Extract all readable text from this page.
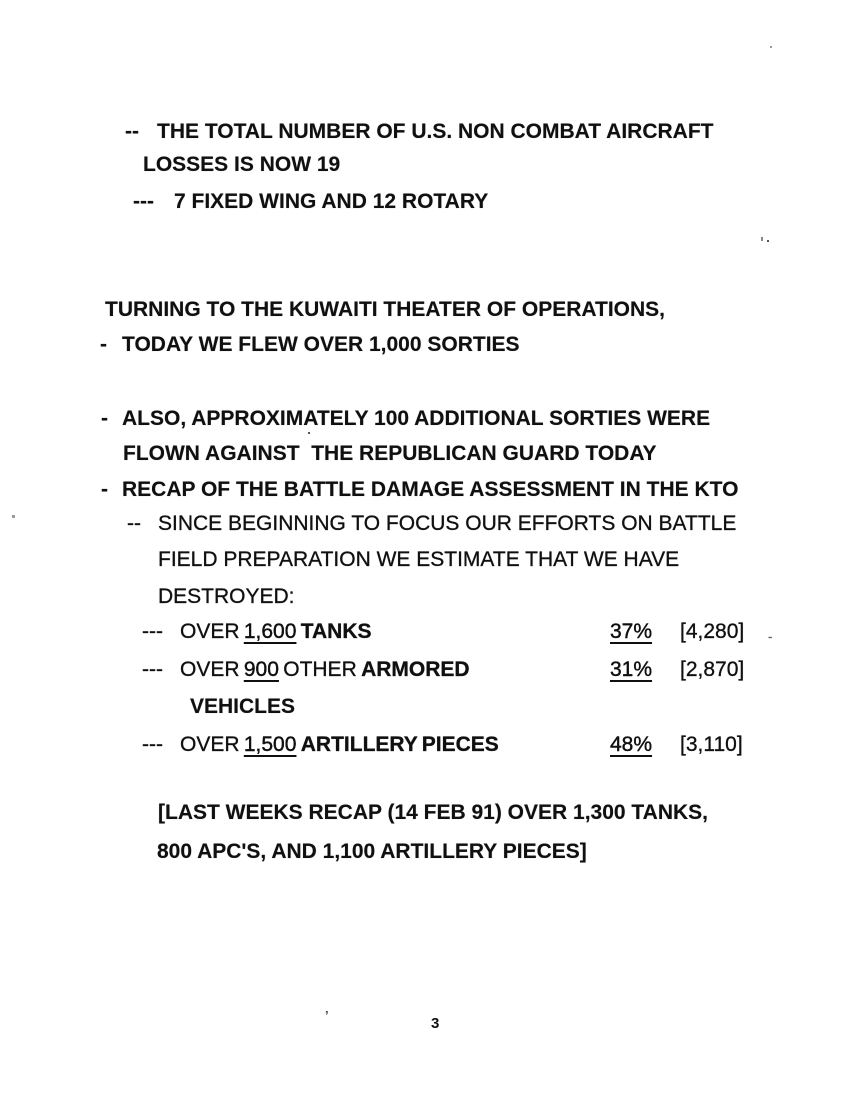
-- THE TOTAL NUMBER OF U.S. NON COMBAT AIRCRAFT
LOSSES IS NOW 19
--- 7 FIXED WING AND 12 ROTARY
TURNING TO THE KUWAITI THEATER OF OPERATIONS,
- TODAY WE FLEW OVER 1,000 SORTIES
- ALSO, APPROXIMATELY 100 ADDITIONAL SORTIES WERE
FLOWN AGAINST  THE REPUBLICAN GUARD TODAY
- RECAP OF THE BATTLE DAMAGE ASSESSMENT IN THE KTO
-- SINCE BEGINNING TO FOCUS OUR EFFORTS ON BATTLE
FIELD PREPARATION WE ESTIMATE THAT WE HAVE
DESTROYED:
--- OVER 1,600 TANKS	37% [4,280] -
--- OVER 900 OTHER ARMORED	31% [2,870]
VEHICLES
--- OVER 1,500 ARTILLERY PIECES	48% [3,110]
[LAST WEEKS RECAP (14 FEB 91) OVER 1,300 TANKS,
800 APC'S, AND 1,100 ARTILLERY PIECES]
’	3
